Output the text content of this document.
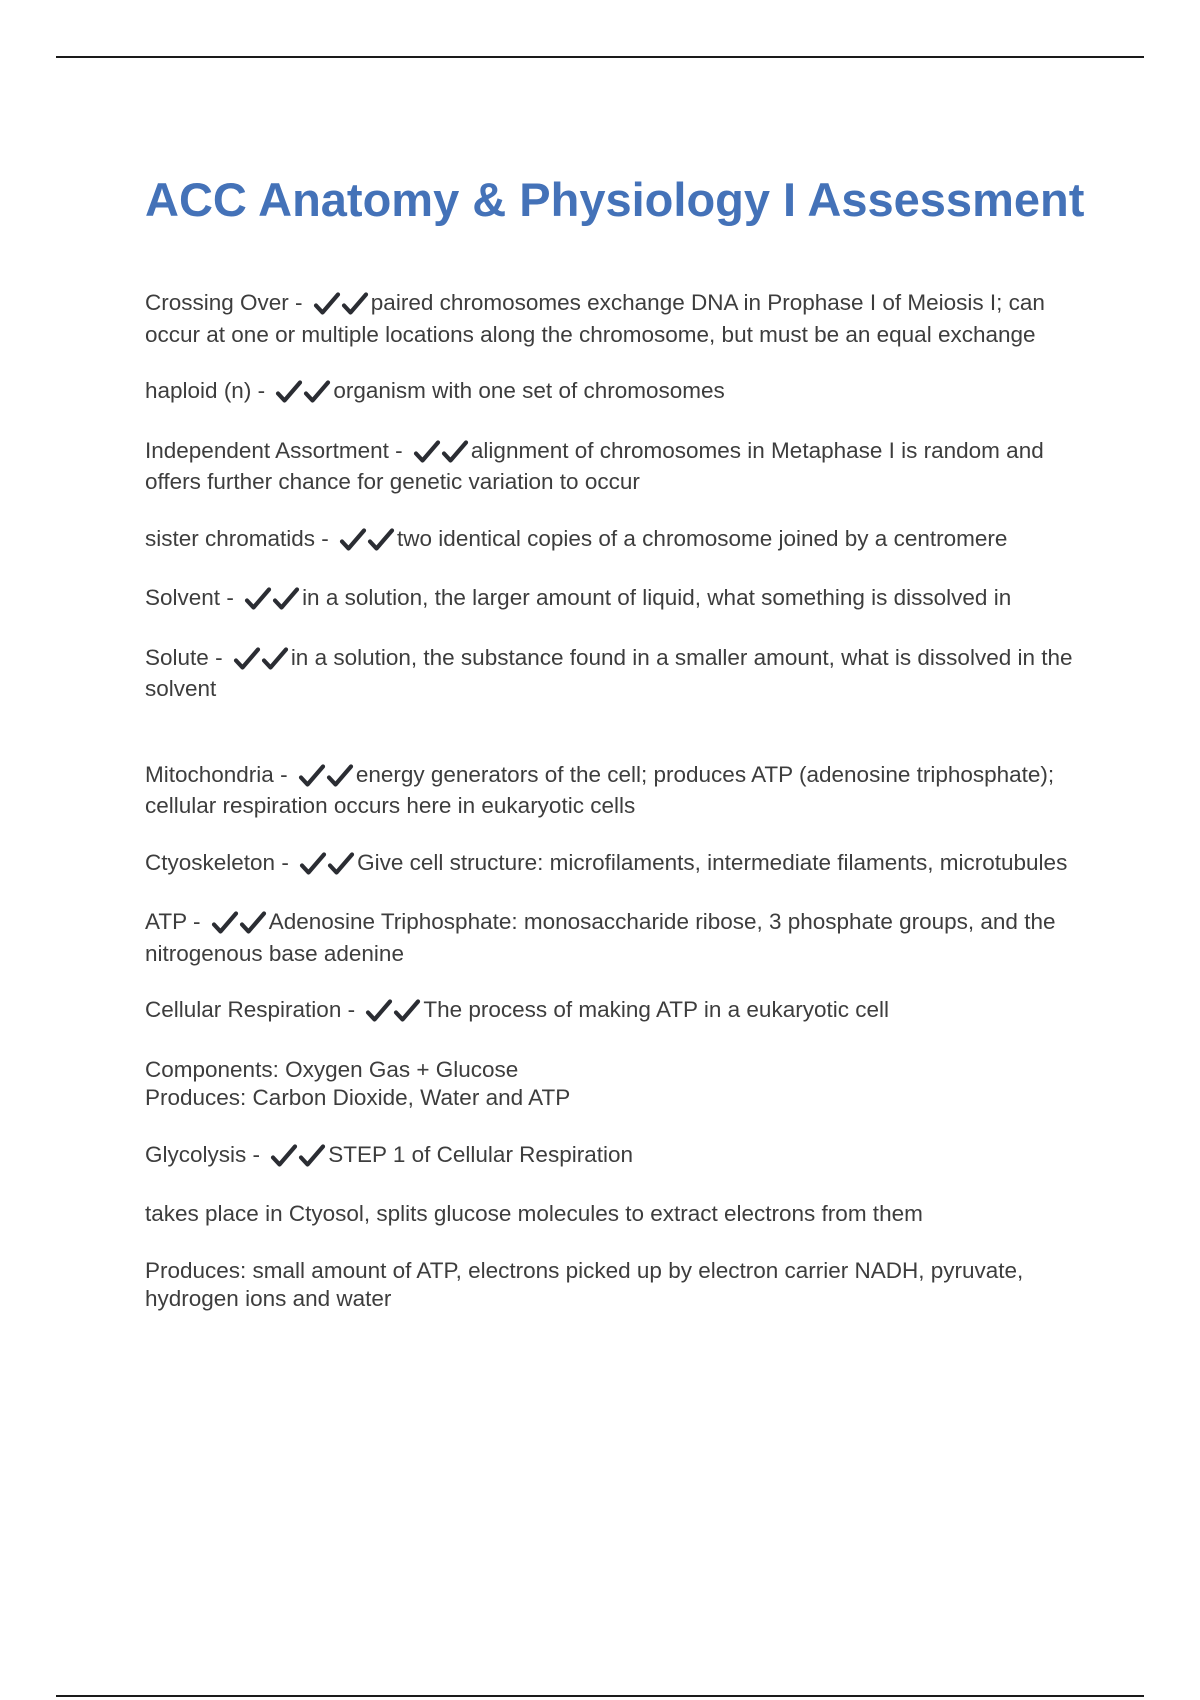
ACC Anatomy & Physiology I Assessment

Crossing Over -	paired chromosomes exchange DNA in Prophase I of Meiosis I; can occur at one or multiple locations along the chromosome, but must be an equal exchange

haploid (n) -	organism with one set of chromosomes

Independent Assortment -	alignment of chromosomes in Metaphase I is random and offers further chance for genetic variation to occur

sister chromatids -	two identical copies of a chromosome joined by a centromere

Solvent -	in a solution, the larger amount of liquid, what something is dissolved in

Solute -	in a solution, the substance found in a smaller amount, what is dissolved in the solvent

Mitochondria -	energy generators of the cell; produces ATP (adenosine triphosphate); cellular respiration occurs here in eukaryotic cells

Ctyoskeleton -	Give cell structure: microfilaments, intermediate filaments, microtubules

ATP -	Adenosine Triphosphate: monosaccharide ribose, 3 phosphate groups, and the nitrogenous base adenine

Cellular Respiration -	The process of making ATP in a eukaryotic cell

Components: Oxygen Gas + Glucose
Produces: Carbon Dioxide, Water and ATP

Glycolysis -	STEP 1 of Cellular Respiration

takes place in Ctyosol, splits glucose molecules to extract electrons from them

Produces: small amount of ATP, electrons picked up by electron carrier NADH, pyruvate, hydrogen ions and water
